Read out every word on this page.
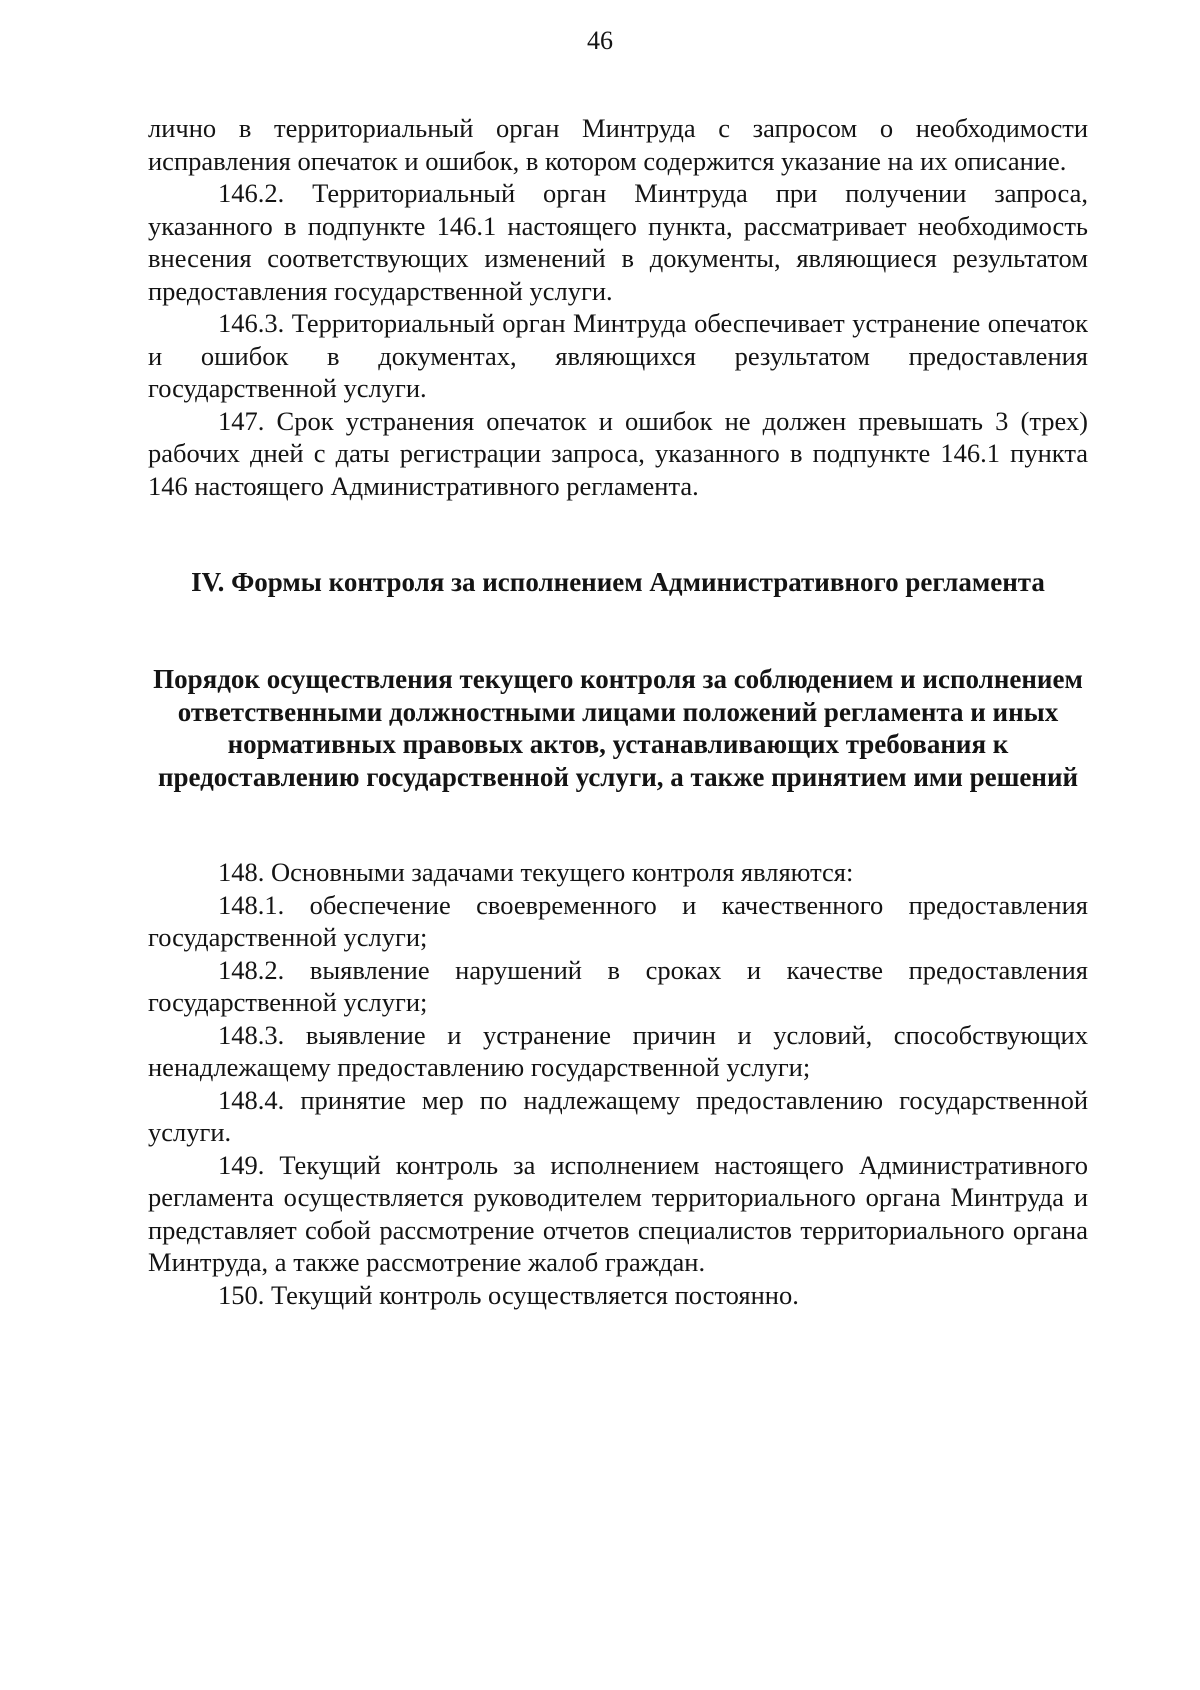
46

лично в территориальный орган Минтруда с запросом о необходимости исправления опечаток и ошибок, в котором содержится указание на их описание.

146.2. Территориальный орган Минтруда при получении запроса, указанного в подпункте 146.1 настоящего пункта, рассматривает необходимость внесения соответствующих изменений в документы, являющиеся результатом предоставления государственной услуги.

146.3. Территориальный орган Минтруда обеспечивает устранение опечаток и ошибок в документах, являющихся результатом предоставления государственной услуги.

147. Срок устранения опечаток и ошибок не должен превышать 3 (трех) рабочих дней с даты регистрации запроса, указанного в подпункте 146.1 пункта 146 настоящего Административного регламента.

IV. Формы контроля за исполнением Административного регламента
Порядок осуществления текущего контроля за соблюдением и исполнением ответственными должностными лицами положений регламента и иных нормативных правовых актов, устанавливающих требования к предоставлению государственной услуги, а также принятием ими решений

148. Основными задачами текущего контроля являются:

148.1. обеспечение своевременного и качественного предоставления государственной услуги;

148.2. выявление нарушений в сроках и качестве предоставления государственной услуги;

148.3. выявление и устранение причин и условий, способствующих ненадлежащему предоставлению государственной услуги;

148.4. принятие мер по надлежащему предоставлению государственной услуги.

149. Текущий контроль за исполнением настоящего Административного регламента осуществляется руководителем территориального органа Минтруда и представляет собой рассмотрение отчетов специалистов территориального органа Минтруда, а также рассмотрение жалоб граждан.

150. Текущий контроль осуществляется постоянно.
